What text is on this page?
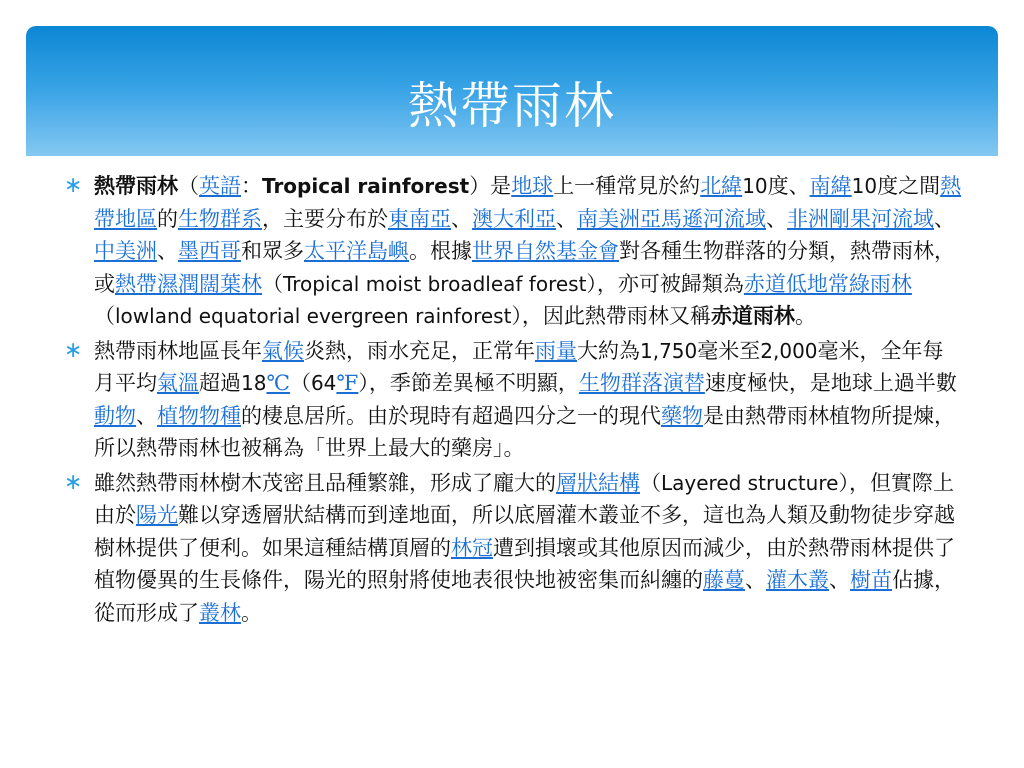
熱帶雨林
∗ 熱帶雨林（英語：Tropical rainforest）是地球上一種常見於約北緯10度、南緯10度之間熱帶地區的生物群系，主要分布於東南亞、澳大利亞、南美洲亞馬遜河流域、非洲剛果河流域、中美洲、墨西哥和眾多太平洋島嶼。根據世界自然基金會對各種生物群落的分類，熱帶雨林，或熱帶濕潤闊葉林（Tropical moist broadleaf forest），亦可被歸類為赤道低地常綠雨林（lowland equatorial evergreen rainforest），因此熱帶雨林又稱赤道雨林。
∗ 熱帶雨林地區長年氣候炎熱，雨水充足，正常年雨量大約為1,750毫米至2,000毫米，全年每月平均氣溫超過18℃（64℉），季節差異極不明顯，生物群落演替速度極快，是地球上過半數動物、植物物種的棲息居所。由於現時有超過四分之一的現代藥物是由熱帶雨林植物所提煉，所以熱帶雨林也被稱為「世界上最大的藥房」。
∗ 雖然熱帶雨林樹木茂密且品種繁雜，形成了龐大的層狀結構（Layered structure），但實際上由於陽光難以穿透層狀結構而到達地面，所以底層灌木叢並不多，這也為人類及動物徒步穿越樹林提供了便利。如果這種結構頂層的林冠遭到損壞或其他原因而減少，由於熱帶雨林提供了植物優異的生長條件，陽光的照射將使地表很快地被密集而糾纏的藤蔓、灌木叢、樹苗佔據，從而形成了叢林。
